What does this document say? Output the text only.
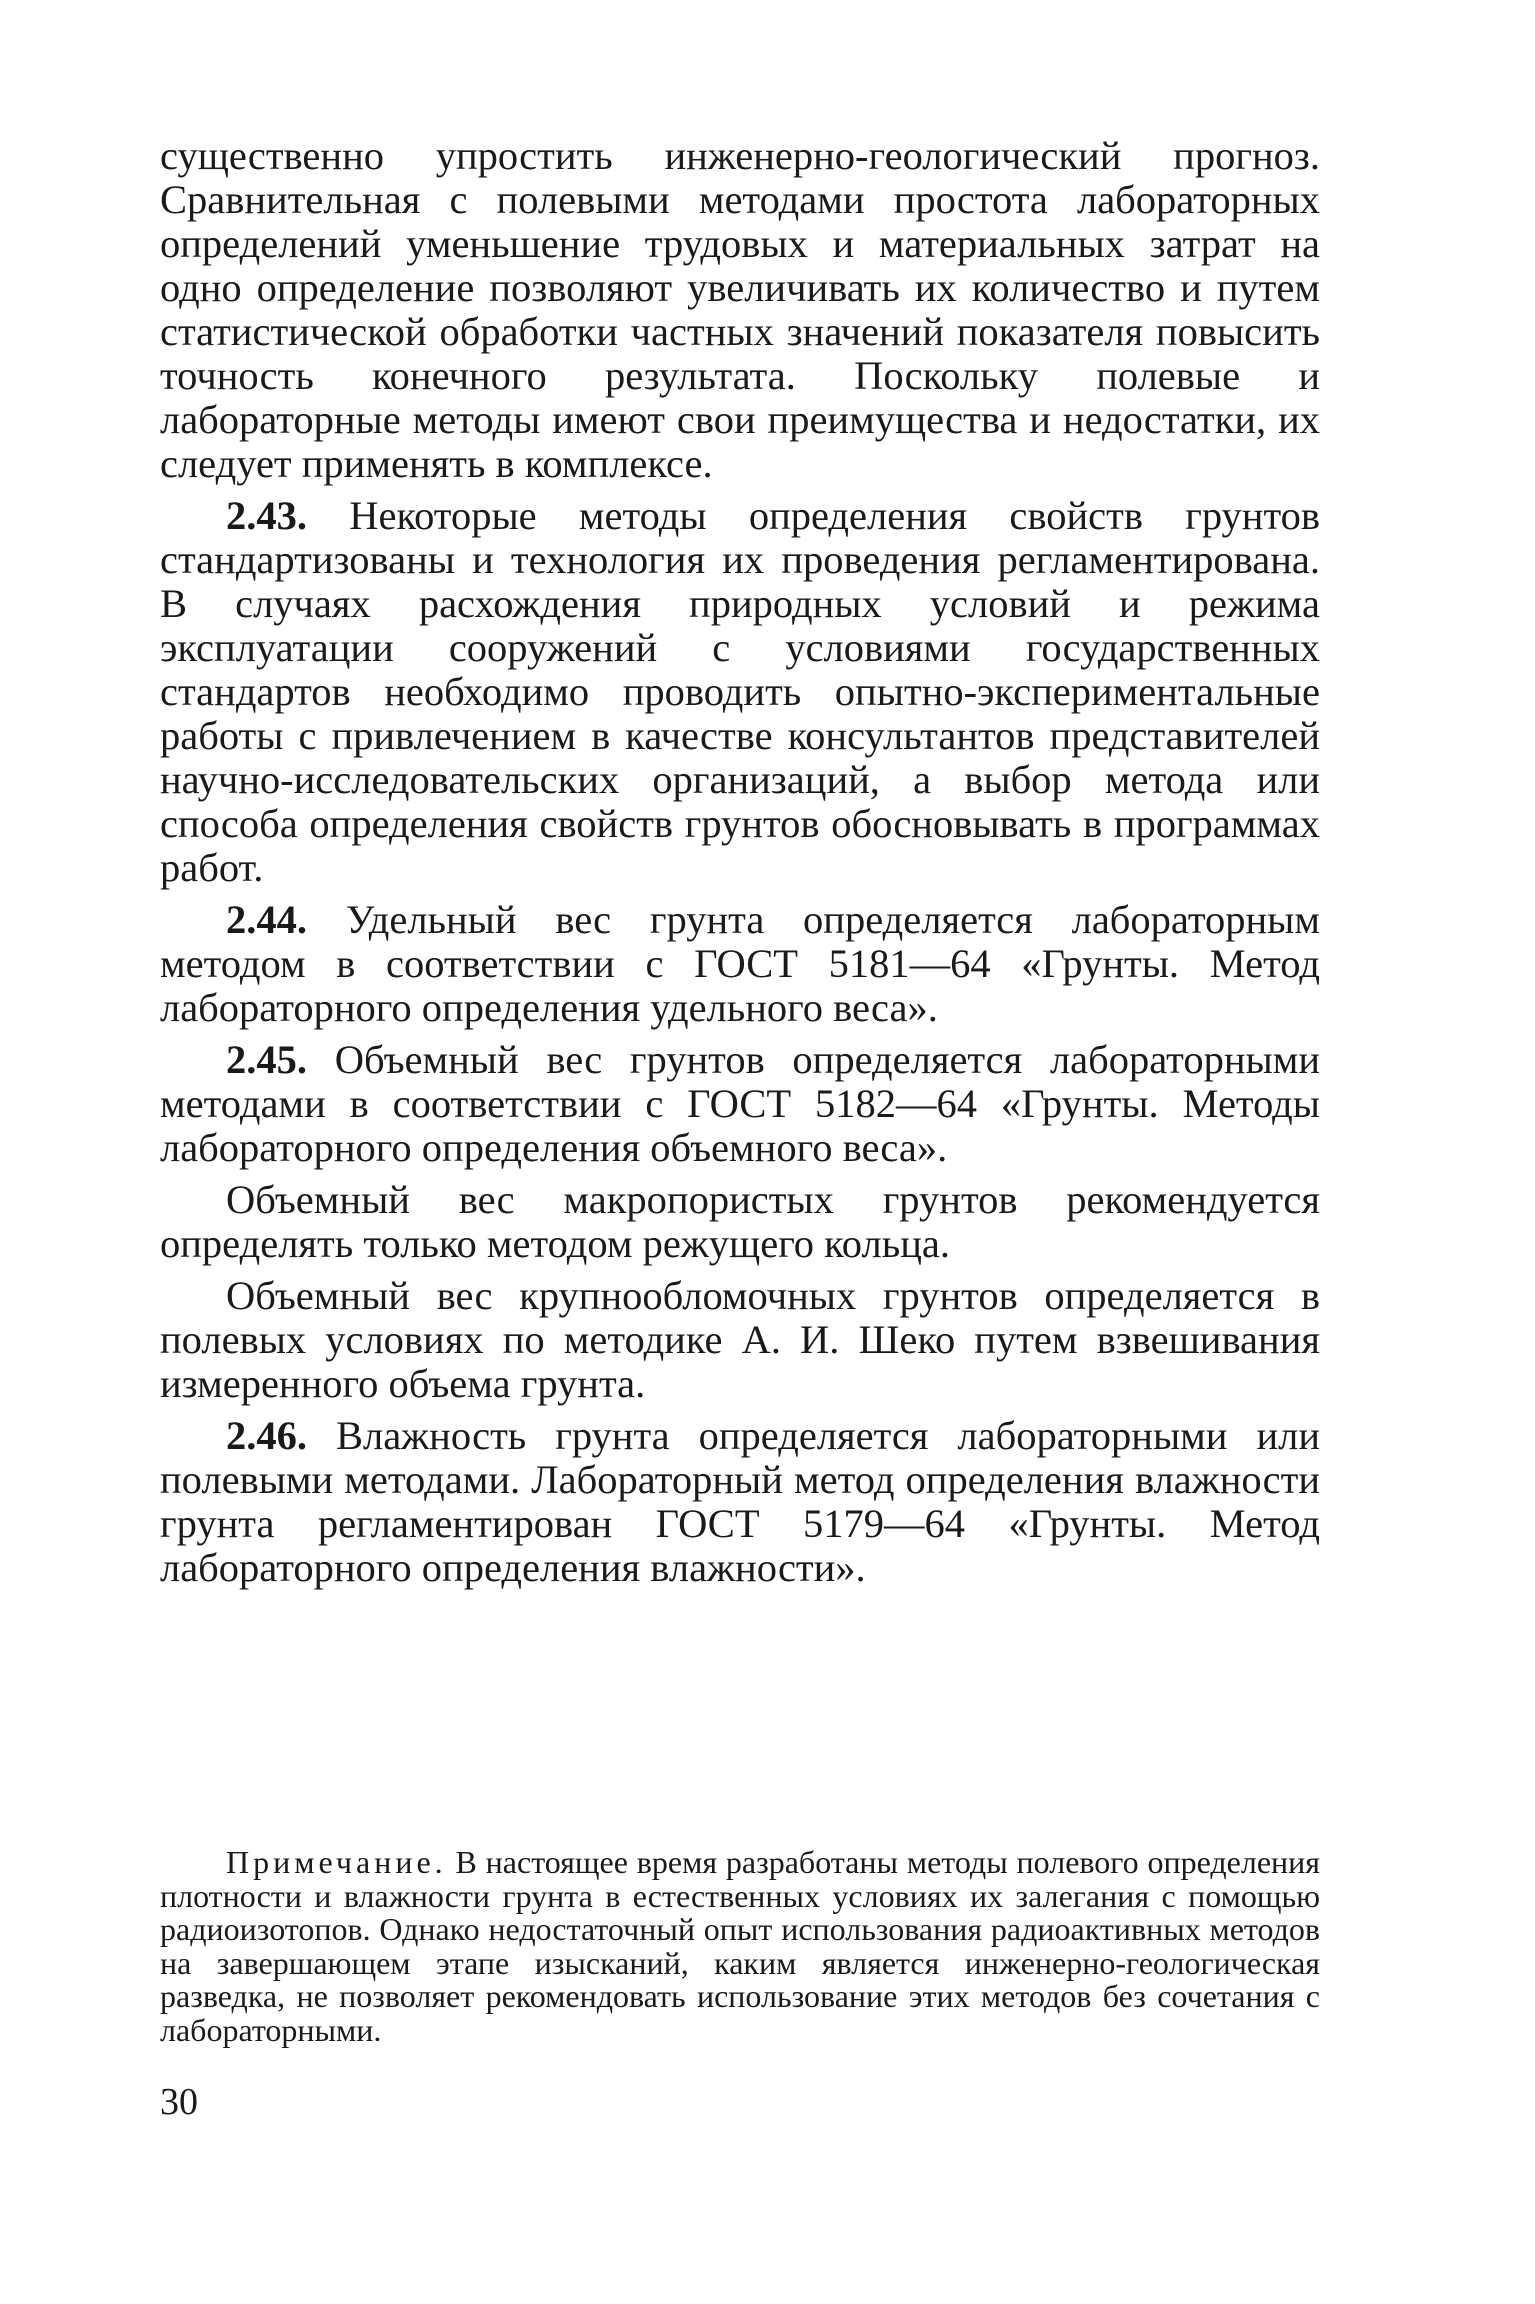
существенно упростить инженерно-геологический прогноз. Сравнительная с полевыми методами простота лабораторных определений уменьшение трудовых и материальных затрат на одно определение позволяют увеличивать их количество и путем статистической обработки частных значений показателя повысить точность конечного результата. Поскольку полевые и лабораторные методы имеют свои преимущества и недостатки, их следует применять в комплексе.

2.43. Некоторые методы определения свойств грунтов стандартизованы и технология их проведения регламентирована. В случаях расхождения природных условий и режима эксплуатации сооружений с условиями государственных стандартов необходимо проводить опытно-экспериментальные работы с привлечением в качестве консультантов представителей научно-исследовательских организаций, а выбор метода или способа определения свойств грунтов обосновывать в программах работ.

2.44. Удельный вес грунта определяется лабораторным методом в соответствии с ГОСТ 5181—64 «Грунты. Метод лабораторного определения удельного веса».

2.45. Объемный вес грунтов определяется лабораторными методами в соответствии с ГОСТ 5182—64 «Грунты. Методы лабораторного определения объемного веса».

Объемный вес макропористых грунтов рекомендуется определять только методом режущего кольца.

Объемный вес крупнообломочных грунтов определяется в полевых условиях по методике А. И. Шеко путем взвешивания измеренного объема грунта.

2.46. Влажность грунта определяется лабораторными или полевыми методами. Лабораторный метод определения влажности грунта регламентирован ГОСТ 5179—64 «Грунты. Метод лабораторного определения влажности».

Примечание. В настоящее время разработаны методы полевого определения плотности и влажности грунта в естественных условиях их залегания с помощью радиоизотопов. Однако недостаточный опыт использования радиоактивных методов на завершающем этапе изысканий, каким является инженерно-геологическая разведка, не позволяет рекомендовать использование этих методов без сочетания с лабораторными.

30
